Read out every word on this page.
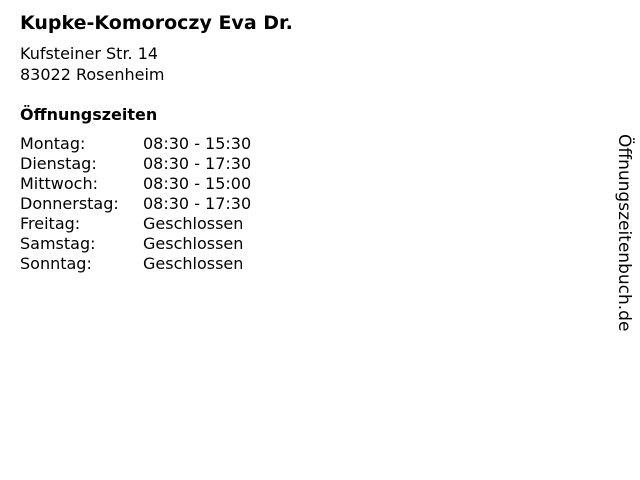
Kupke-Komoroczy Eva Dr.
Kufsteiner Str. 14
83022 Rosenheim
Öffnungszeiten
Montag:	08:30 - 15:30
Dienstag:	08:30 - 17:30
Mittwoch:	08:30 - 15:00
Donnerstag:	08:30 - 17:30
Freitag:	Geschlossen
Samstag:	Geschlossen
Sonntag:	Geschlossen	Öffnungszeitenbuch.de
